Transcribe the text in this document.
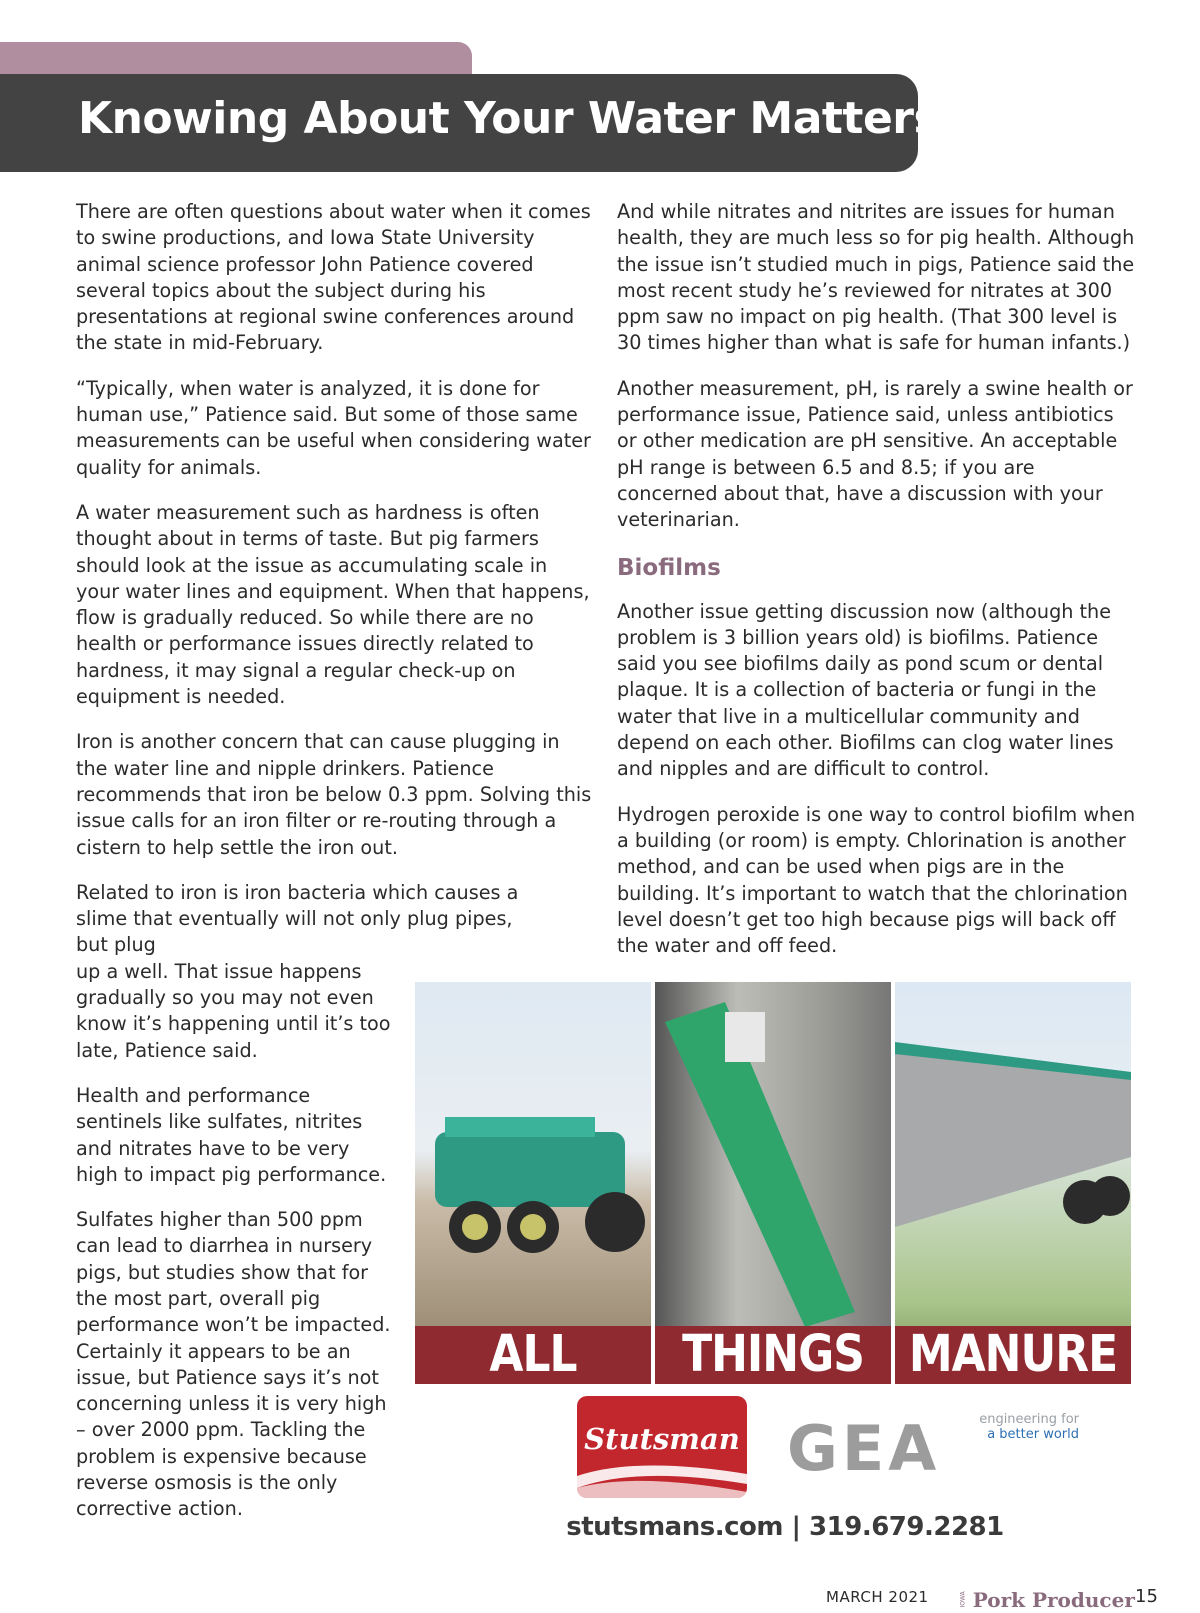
Knowing About Your Water Matters

There are often questions about water when it comes to swine productions, and Iowa State University animal science professor John Patience covered several topics about the subject during his presentations at regional swine conferences around the state in mid-February.

“Typically, when water is analyzed, it is done for human use,” Patience said. But some of those same measurements can be useful when considering water quality for animals.

A water measurement such as hardness is often thought about in terms of taste. But pig farmers should look at the issue as accumulating scale in your water lines and equipment. When that happens, flow is gradually reduced. So while there are no health or performance issues directly related to hardness, it may signal a regular check-up on equipment is needed.

Iron is another concern that can cause plugging in the water line and nipple drinkers. Patience recommends that iron be below 0.3 ppm. Solving this issue calls for an iron filter or re-routing through a cistern to help settle the iron out.

Related to iron is iron bacteria which causes a slime that eventually will not only plug pipes, but plug
up a well. That issue happens gradually so you may not even know it’s happening until it’s too late, Patience said.

Health and performance sentinels like sulfates, nitrites and nitrates have to be very high to impact pig performance.

Sulfates higher than 500 ppm can lead to diarrhea in nursery pigs, but studies show that for the most part, overall pig performance won’t be impacted. Certainly it appears to be an issue, but Patience says it’s not concerning unless it is very high – over 2000 ppm. Tackling the problem is expensive because reverse osmosis is the only corrective action.

And while nitrates and nitrites are issues for human health, they are much less so for pig health. Although the issue isn’t studied much in pigs, Patience said the most recent study he’s reviewed for nitrates at 300 ppm saw no impact on pig health. (That 300 level is 30 times higher than what is safe for human infants.)

Another measurement, pH, is rarely a swine health or performance issue, Patience said, unless antibiotics or other medication are pH sensitive. An acceptable pH range is between 6.5 and 8.5; if you are concerned about that, have a discussion with your veterinarian.

Biofilms

Another issue getting discussion now (although the problem is 3 billion years old) is biofilms. Patience said you see biofilms daily as pond scum or dental plaque. It is a collection of bacteria or fungi in the water that live in a multicellular community and depend on each other. Biofilms can clog water lines and nipples and are difficult to control.

Hydrogen peroxide is one way to control biofilm when a building (or room) is empty. Chlorination is another method, and can be used when pigs are in the building. It’s important to watch that the chlorination level doesn’t get too high because pigs will back off the water and off feed.

ALL	THINGS	MANURE
Stutsman GEA	engineering for
a better world
stutsmans.com | 319.679.2281
MARCH 2021	IOWA Pork Producer 15
